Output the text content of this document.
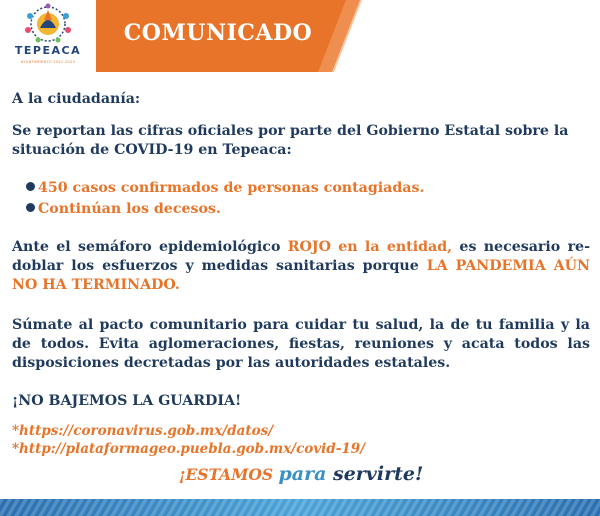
TEPEACA
AYUNTAMIENTO 2021-2024
COMUNICADO
A la ciudadanía:
Se reportan las cifras oficiales por parte del Gobierno Estatal sobre la situación de COVID-19 en Tepeaca:
450 casos confirmados de personas contagiadas.
Continúan los decesos.
Ante el semáforo epidemiológico ROJO en la entidad, es necesario re-doblar los esfuerzos y medidas sanitarias porque LA PANDEMIA AÚN NO HA TERMINADO.
Súmate al pacto comunitario para cuidar tu salud, la de tu familia y la de todos. Evita aglomeraciones, fiestas, reuniones y acata todos las disposiciones decretadas por las autoridades estatales.
¡NO BAJEMOS LA GUARDIA!
*https://coronavirus.gob.mx/datos/
*http://plataformageo.puebla.gob.mx/covid-19/
¡ESTAMOS para servirte!
